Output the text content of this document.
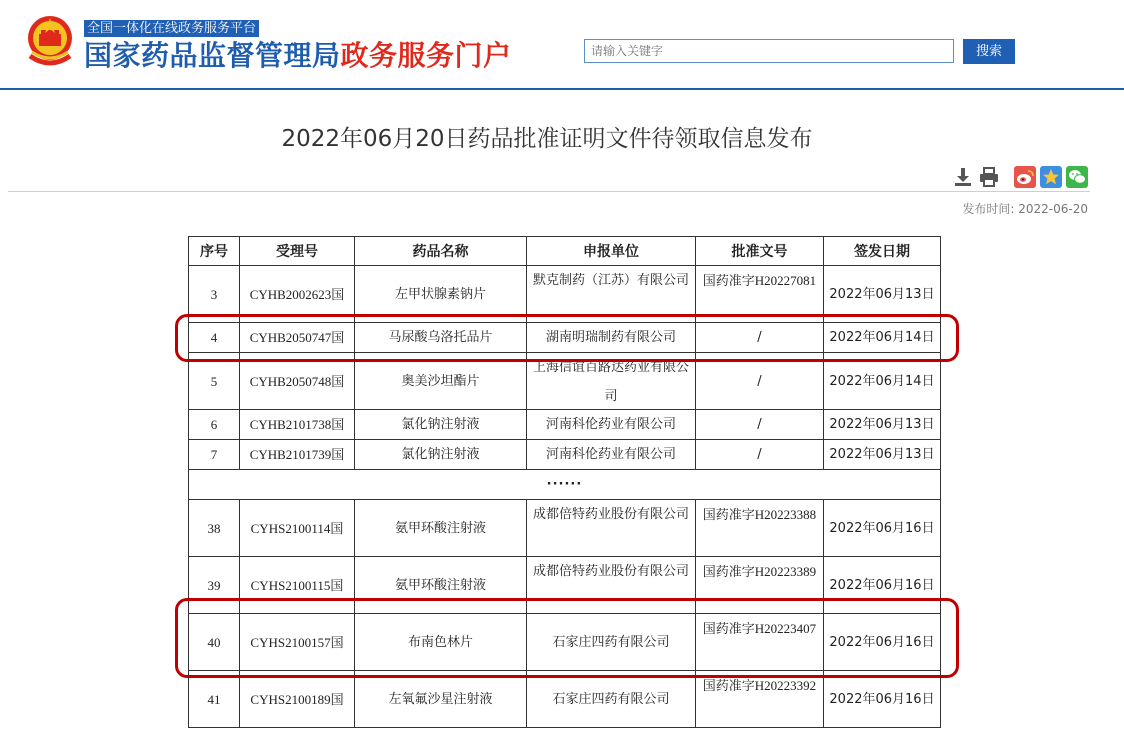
全国一体化在线政务服务平台
国家药品监督管理局政务服务门户
请输入关键字	搜索
2022年06月20日药品批准证明文件待领取信息发布
发布时间: 2022-06-20
序号	受理号	药品名称	申报单位	批准文号	签发日期
3	CYHB2002623国	左甲状腺素钠片	默克制药（江苏）有限公司	国药准字H20227081	2022年06月13日
4	CYHB2050747国	马尿酸乌洛托品片	湖南明瑞制药有限公司	/	2022年06月14日
5	CYHB2050748国	奥美沙坦酯片	上海信谊百路达药业有限公司	/	2022年06月14日
6	CYHB2101738国	氯化钠注射液	河南科伦药业有限公司	/	2022年06月13日
7	CYHB2101739国	氯化钠注射液	河南科伦药业有限公司	/	2022年06月13日
······					
38	CYHS2100114国	氨甲环酸注射液	成都倍特药业股份有限公司	国药准字H20223388	2022年06月16日
39	CYHS2100115国	氨甲环酸注射液	成都倍特药业股份有限公司	国药准字H20223389	2022年06月16日
40	CYHS2100157国	布南色林片	石家庄四药有限公司	国药准字H20223407	2022年06月16日
41	CYHS2100189国	左氧氟沙星注射液	石家庄四药有限公司	国药准字H20223392	2022年06月16日
